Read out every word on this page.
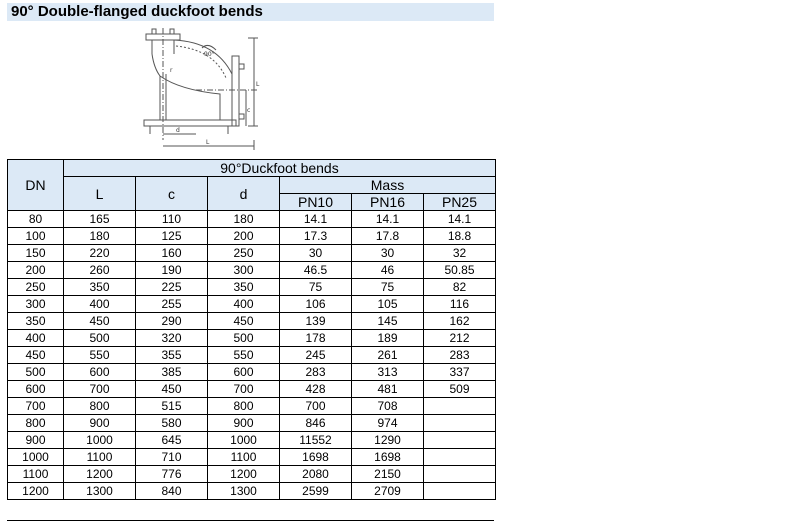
90° Double-flanged duckfoot bends
90°
L
c
d
L
r
DN	90°Duckfoot bends					
	L	c	d	Mass		
				PN10	PN16	PN25
80	165	110	180	14.1	14.1	14.1
100	180	125	200	17.3	17.8	18.8
150	220	160	250	30	30	32
200	260	190	300	46.5	46	50.85
250	350	225	350	75	75	82
300	400	255	400	106	105	116
350	450	290	450	139	145	162
400	500	320	500	178	189	212
450	550	355	550	245	261	283
500	600	385	600	283	313	337
600	700	450	700	428	481	509
700	800	515	800	700	708	
800	900	580	900	846	974	
900	1000	645	1000	11552	1290	
1000	1100	710	1100	1698	1698	
1100	1200	776	1200	2080	2150	
1200	1300	840	1300	2599	2709	
